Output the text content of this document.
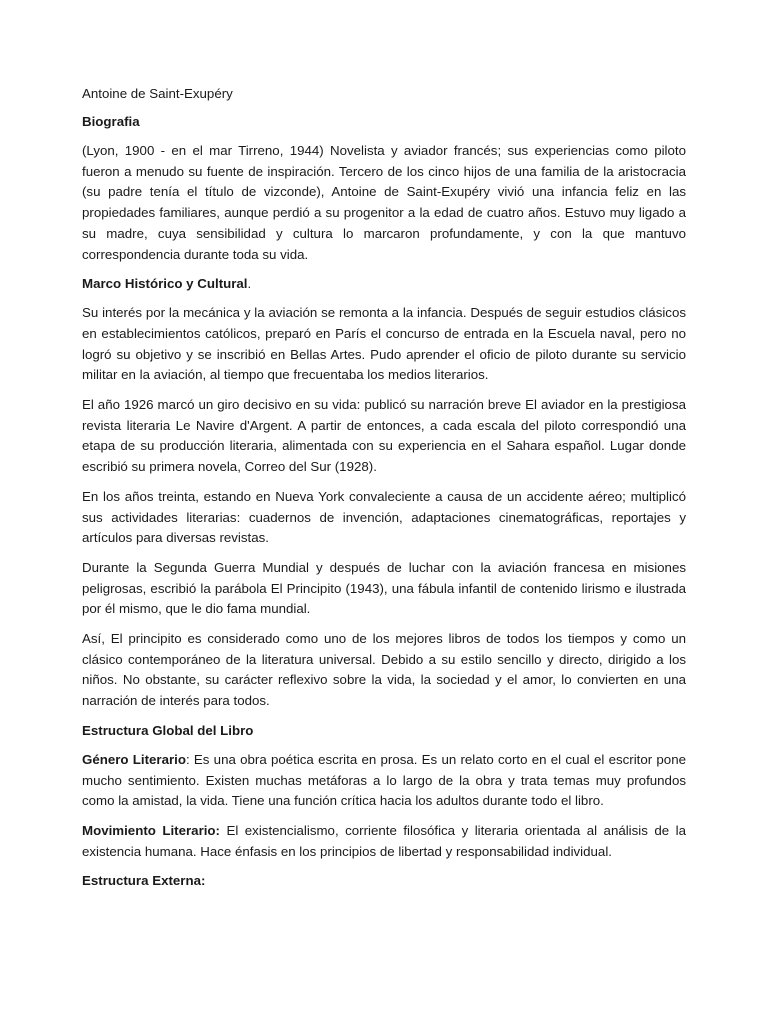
Antoine de Saint-Exupéry
Biografia

(Lyon, 1900 - en el mar Tirreno, 1944) Novelista y aviador francés; sus experiencias como piloto fueron a menudo su fuente de inspiración. Tercero de los cinco hijos de una familia de la aristocracia (su padre tenía el título de vizconde), Antoine de Saint-Exupéry vivió una infancia feliz en las propiedades familiares, aunque perdió a su progenitor a la edad de cuatro años. Estuvo muy ligado a su madre, cuya sensibilidad y cultura lo marcaron profundamente, y con la que mantuvo correspondencia durante toda su vida.

Marco Histórico y Cultural.

Su interés por la mecánica y la aviación se remonta a la infancia. Después de seguir estudios clásicos en establecimientos católicos, preparó en París el concurso de entrada en la Escuela naval, pero no logró su objetivo y se inscribió en Bellas Artes. Pudo aprender el oficio de piloto durante su servicio militar en la aviación, al tiempo que frecuentaba los medios literarios.

El año 1926 marcó un giro decisivo en su vida: publicó su narración breve El aviador en la prestigiosa revista literaria Le Navire d'Argent. A partir de entonces, a cada escala del piloto correspondió una etapa de su producción literaria, alimentada con su experiencia en el Sahara español. Lugar donde escribió su primera novela, Correo del Sur (1928).

En los años treinta, estando en Nueva York convaleciente a causa de un accidente aéreo; multiplicó sus actividades literarias: cuadernos de invención, adaptaciones cinematográficas, reportajes y artículos para diversas revistas.

Durante la Segunda Guerra Mundial y después de luchar con la aviación francesa en misiones peligrosas, escribió la parábola El Principito (1943), una fábula infantil de contenido lirismo e ilustrada por él mismo, que le dio fama mundial.

Así, El principito es considerado como uno de los mejores libros de todos los tiempos y como un clásico contemporáneo de la literatura universal. Debido a su estilo sencillo y directo, dirigido a los niños. No obstante, su carácter reflexivo sobre la vida, la sociedad y el amor, lo convierten en una narración de interés para todos.

Estructura Global del Libro

Género Literario: Es una obra poética escrita en prosa. Es un relato corto en el cual el escritor pone mucho sentimiento. Existen muchas metáforas a lo largo de la obra y trata temas muy profundos como la amistad, la vida. Tiene una función crítica hacia los adultos durante todo el libro.

Movimiento Literario: El existencialismo, corriente filosófica y literaria orientada al análisis de la existencia humana. Hace énfasis en los principios de libertad y responsabilidad individual.

Estructura Externa:
